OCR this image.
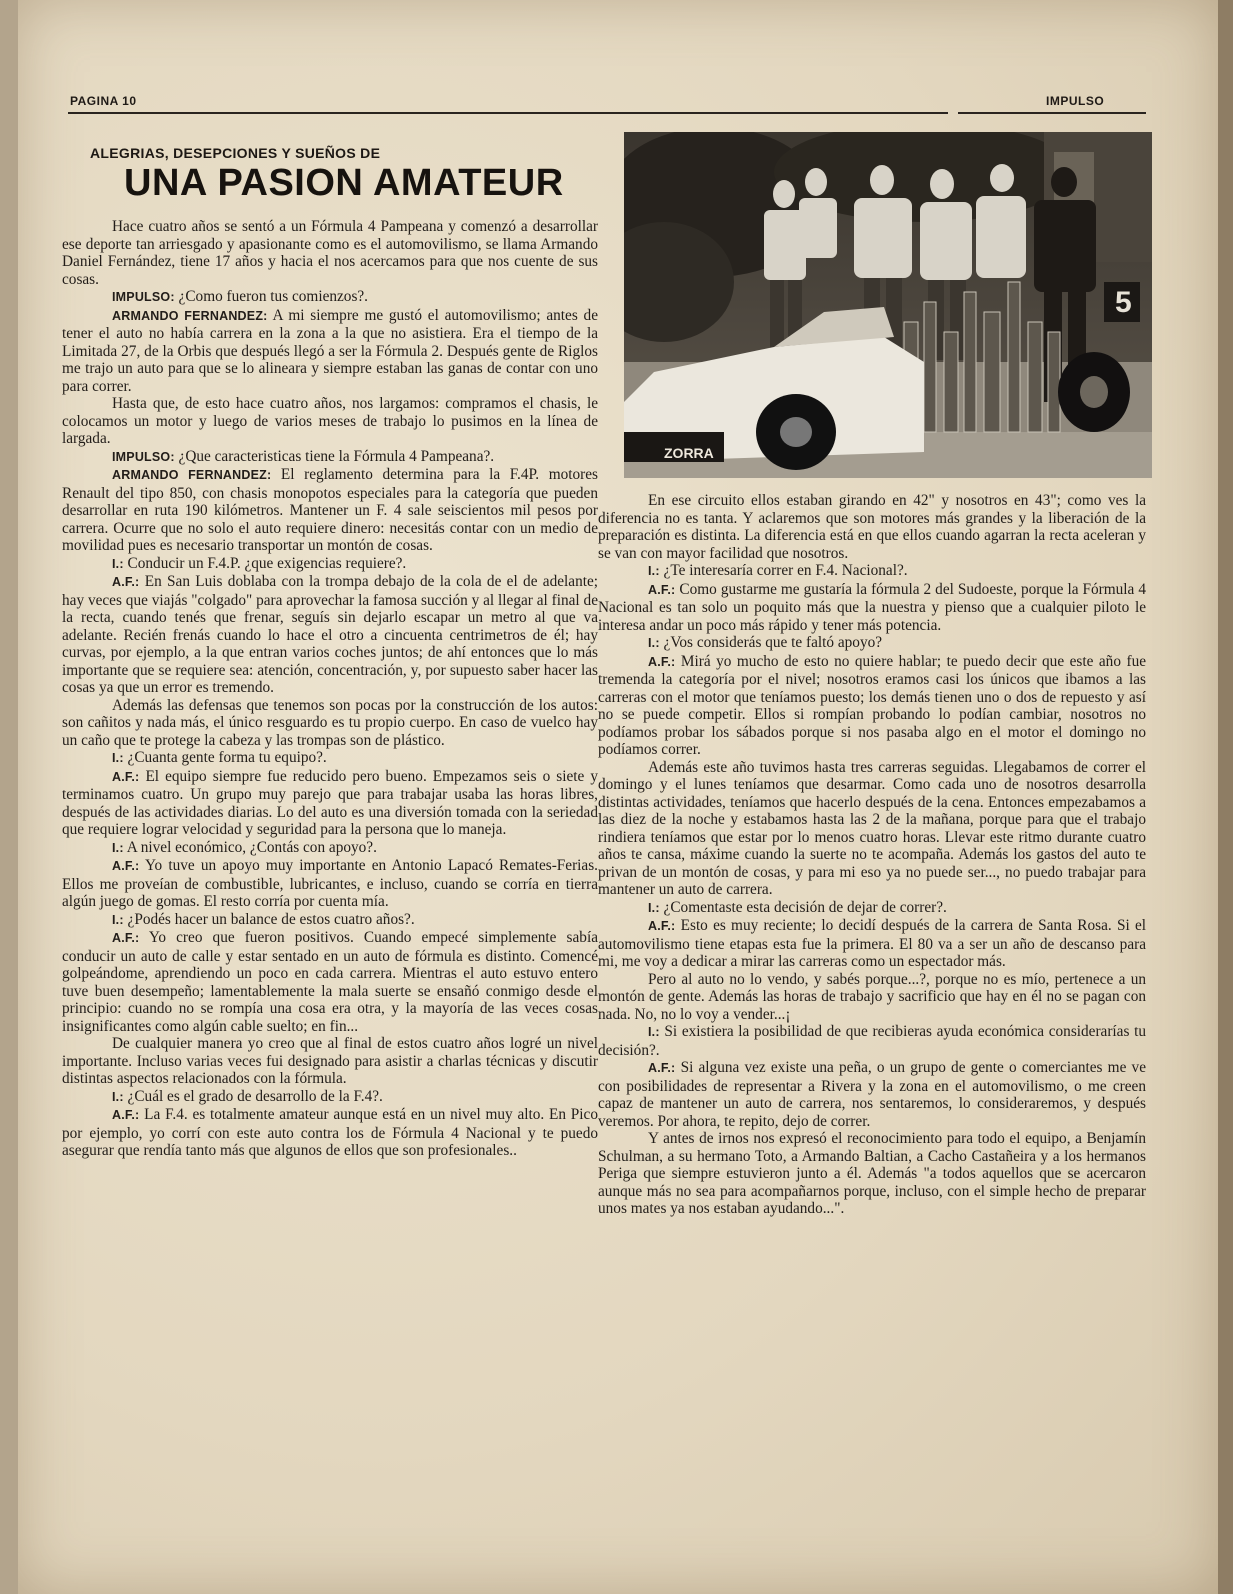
PAGINA 10	IMPULSO
ALEGRIAS, DESEPCIONES Y SUEÑOS DE
UNA PASION AMATEUR

Hace cuatro años se sentó a un Fórmula 4 Pampeana y comenzó a desarrollar ese deporte tan arriesgado y apasionante como es el automovilismo, se llama Armando Daniel Fernández, tiene 17 años y hacia el nos acercamos para que nos cuente de sus cosas.

IMPULSO: ¿Como fueron tus comienzos?.

ARMANDO FERNANDEZ: A mi siempre me gustó el automovilismo; antes de tener el auto no había carrera en la zona a la que no asistiera. Era el tiempo de la Limitada 27, de la Orbis que después llegó a ser la Fórmula 2. Después gente de Riglos me trajo un auto para que se lo alineara y siempre estaban las ganas de contar con uno para correr.

Hasta que, de esto hace cuatro años, nos largamos: compramos el chasis, le colocamos un motor y luego de varios meses de trabajo lo pusimos en la línea de largada.

IMPULSO: ¿Que caracteristicas tiene la Fórmula 4 Pampeana?.

ARMANDO FERNANDEZ: El reglamento determina para la F.4P. motores Renault del tipo 850, con chasis monopotos especiales para la categoría que pueden desarrollar en ruta 190 kilómetros. Mantener un F. 4 sale seiscientos mil pesos por carrera. Ocurre que no solo el auto requiere dinero: necesitás contar con un medio de movilidad pues es necesario transportar un montón de cosas.

I.: Conducir un F.4.P. ¿que exigencias requiere?.

A.F.: En San Luis doblaba con la trompa debajo de la cola de el de adelante; hay veces que viajás "colgado" para aprovechar la famosa succión y al llegar al final de la recta, cuando tenés que frenar, seguís sin dejarlo escapar un metro al que va adelante. Recién frenás cuando lo hace el otro a cincuenta centrimetros de él; hay curvas, por ejemplo, a la que entran varios coches juntos; de ahí entonces que lo más importante que se requiere sea: atención, concentración, y, por supuesto saber hacer las cosas ya que un error es tremendo.

Además las defensas que tenemos son pocas por la construcción de los autos: son cañitos y nada más, el único resguardo es tu propio cuerpo. En caso de vuelco hay un caño que te protege la cabeza y las trompas son de plástico.

I.: ¿Cuanta gente forma tu equipo?.

A.F.: El equipo siempre fue reducido pero bueno. Empezamos seis o siete y terminamos cuatro. Un grupo muy parejo que para trabajar usaba las horas libres, después de las actividades diarias. Lo del auto es una diversión tomada con la seriedad que requiere lograr velocidad y seguridad para la persona que lo maneja.

I.: A nivel económico, ¿Contás con apoyo?.

A.F.: Yo tuve un apoyo muy importante en Antonio Lapacó Remates-Ferias. Ellos me proveían de combustible, lubricantes, e incluso, cuando se corría en tierra algún juego de gomas. El resto corría por cuenta mía.

I.: ¿Podés hacer un balance de estos cuatro años?.

A.F.: Yo creo que fueron positivos. Cuando empecé simplemente sabía conducir un auto de calle y estar sentado en un auto de fórmula es distinto. Comencé golpeándome, aprendiendo un poco en cada carrera. Mientras el auto estuvo entero tuve buen desempeño; lamentablemente la mala suerte se ensañó conmigo desde el principio: cuando no se rompía una cosa era otra, y la mayoría de las veces cosas insignificantes como algún cable suelto; en fin...

De cualquier manera yo creo que al final de estos cuatro años logré un nivel importante. Incluso varias veces fui designado para asistir a charlas técnicas y discutir distintas aspectos relacionados con la fórmula.

I.: ¿Cuál es el grado de desarrollo de la F.4?.

A.F.: La F.4. es totalmente amateur aunque está en un nivel muy alto. En Pico por ejemplo, yo corrí con este auto contra los de Fórmula 4 Nacional y te puedo asegurar que rendía tanto más que algunos de ellos que son profesionales..

En ese circuito ellos estaban girando en 42" y nosotros en 43"; como ves la diferencia no es tanta. Y aclaremos que son motores más grandes y la liberación de la preparación es distinta. La diferencia está en que ellos cuando agarran la recta aceleran y se van con mayor facilidad que nosotros.

I.: ¿Te interesaría correr en F.4. Nacional?.

A.F.: Como gustarme me gustaría la fórmula 2 del Sudoeste, porque la Fórmula 4 Nacional es tan solo un poquito más que la nuestra y pienso que a cualquier piloto le interesa andar un poco más rápido y tener más potencia.

I.: ¿Vos considerás que te faltó apoyo?

A.F.: Mirá yo mucho de esto no quiere hablar; te puedo decir que este año fue tremenda la categoría por el nivel; nosotros eramos casi los únicos que ibamos a las carreras con el motor que teníamos puesto; los demás tienen uno o dos de repuesto y así no se puede competir. Ellos si rompían probando lo podían cambiar, nosotros no podíamos probar los sábados porque si nos pasaba algo en el motor el domingo no podíamos correr.

Además este año tuvimos hasta tres carreras seguidas. Llegabamos de correr el domingo y el lunes teníamos que desarmar. Como cada uno de nosotros desarrolla distintas actividades, teníamos que hacerlo después de la cena. Entonces empezabamos a las diez de la noche y estabamos hasta las 2 de la mañana, porque para que el trabajo rindiera teníamos que estar por lo menos cuatro horas. Llevar este ritmo durante cuatro años te cansa, máxime cuando la suerte no te acompaña. Además los gastos del auto te privan de un montón de cosas, y para mi eso ya no puede ser..., no puedo trabajar para mantener un auto de carrera.

I.: ¿Comentaste esta decisión de dejar de correr?.

A.F.: Esto es muy reciente; lo decidí después de la carrera de Santa Rosa. Si el automovilismo tiene etapas esta fue la primera. El 80 va a ser un año de descanso para mi, me voy a dedicar a mirar las carreras como un espectador más.

Pero al auto no lo vendo, y sabés porque...?, porque no es mío, pertenece a un montón de gente. Además las horas de trabajo y sacrificio que hay en él no se pagan con nada. No, no lo voy a vender...¡

I.: Si existiera la posibilidad de que recibieras ayuda económica considerarías tu decisión?.

A.F.: Si alguna vez existe una peña, o un grupo de gente o comerciantes me ve con posibilidades de representar a Rivera y la zona en el automovilismo, o me creen capaz de mantener un auto de carrera, nos sentaremos, lo consideraremos, y después veremos. Por ahora, te repito, dejo de correr.

Y antes de irnos nos expresó el reconocimiento para todo el equipo, a Benjamín Schulman, a su hermano Toto, a Armando Baltian, a Cacho Castañeira y a los hermanos Periga que siempre estuvieron junto a él. Además "a todos aquellos que se acercaron aunque más no sea para acompañarnos porque, incluso, con el simple hecho de preparar unos mates ya nos estaban ayudando...".

5
ZORRA
